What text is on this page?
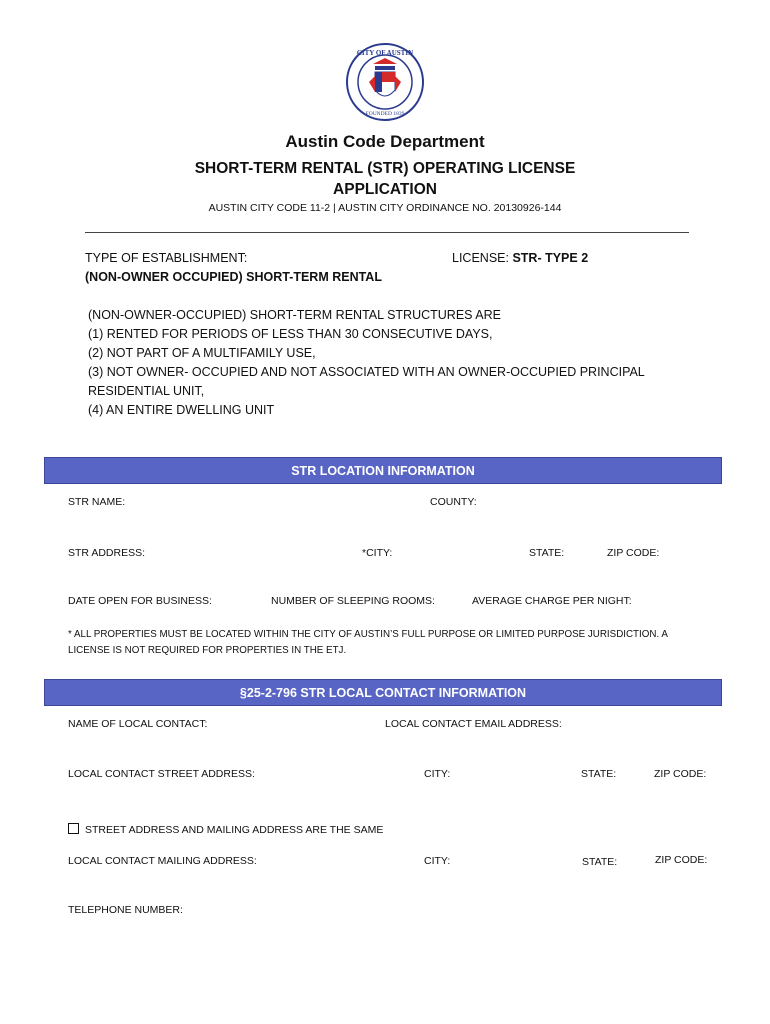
CITY OF AUSTIN
FOUNDED 1839
Austin Code Department
SHORT-TERM RENTAL (STR) OPERATING LICENSE
APPLICATION
AUSTIN CITY CODE 11-2 | AUSTIN CITY ORDINANCE NO. 20130926-144
TYPE OF ESTABLISHMENT:
(NON-OWNER OCCUPIED) SHORT-TERM RENTAL
LICENSE: STR- TYPE 2
(NON-OWNER-OCCUPIED) SHORT-TERM RENTAL STRUCTURES ARE
(1) RENTED FOR PERIODS OF LESS THAN 30 CONSECUTIVE DAYS,
(2) NOT PART OF A MULTIFAMILY USE,
(3) NOT OWNER- OCCUPIED AND NOT ASSOCIATED WITH AN OWNER-OCCUPIED PRINCIPAL
RESIDENTIAL UNIT,
(4) AN ENTIRE DWELLING UNIT
STR LOCATION INFORMATION
STR NAME:	COUNTY:
STR ADDRESS:	*CITY:	STATE:	ZIP CODE:
DATE OPEN FOR BUSINESS:	NUMBER OF SLEEPING ROOMS:	AVERAGE CHARGE PER NIGHT:
* ALL PROPERTIES MUST BE LOCATED WITHIN THE CITY OF AUSTIN’S FULL PURPOSE OR LIMITED PURPOSE JURISDICTION. A
LICENSE IS NOT REQUIRED FOR PROPERTIES IN THE ETJ.
§25-2-796 STR LOCAL CONTACT INFORMATION
NAME OF LOCAL CONTACT:	LOCAL CONTACT EMAIL ADDRESS:
LOCAL CONTACT STREET ADDRESS:	CITY:	STATE:	ZIP CODE:
STREET ADDRESS AND MAILING ADDRESS ARE THE SAME
LOCAL CONTACT MAILING ADDRESS:	CITY:	STATE:	ZIP CODE:
TELEPHONE NUMBER:
